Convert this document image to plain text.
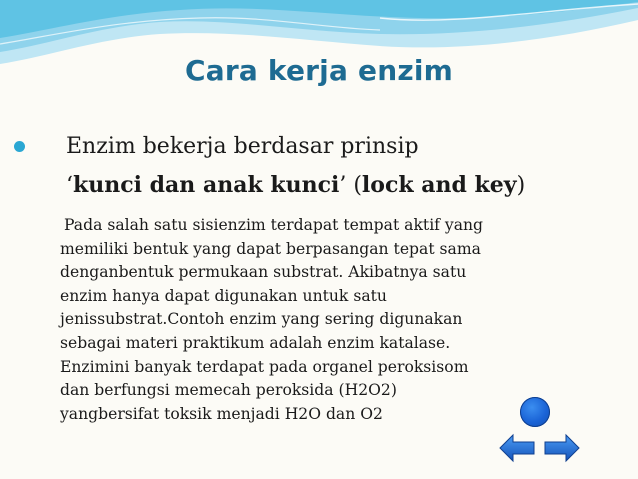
Cara kerja enzim
Enzim bekerja berdasar prinsip
‘kunci dan anak kunci’ (lock and key)
Pada salah satu sisienzim terdapat tempat aktif yang
memiliki bentuk yang dapat berpasangan tepat sama
denganbentuk permukaan substrat. Akibatnya satu
enzim hanya dapat digunakan untuk satu
jenissubstrat.Contoh enzim yang sering digunakan
sebagai materi praktikum adalah enzim katalase.
Enzimini banyak terdapat pada organel peroksisom
dan berfungsi memecah peroksida (H2O2)
yangbersifat toksik menjadi H2O dan O2
